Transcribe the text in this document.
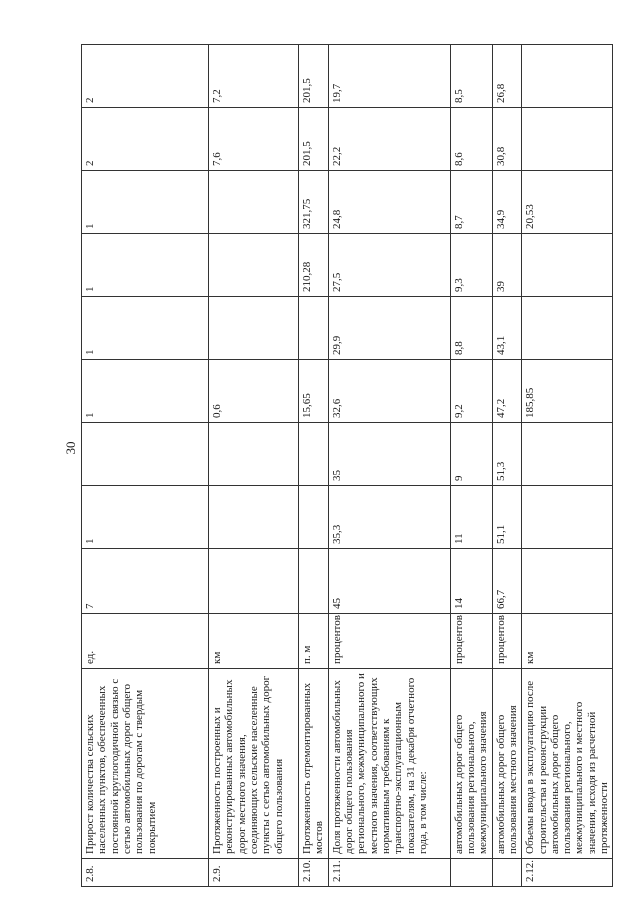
30
2.8.	Прирост количества сельских населенных пунктов, обеспеченных постоянной круглогодичной связью с сетью автомобильных дорог общего пользования по дорогам с твердым покрытием	ед.	7	1		1	1	1	1	2	2
2.9.	Протяженность построенных и реконструированных автомобильных дорог местного значения, соединяющих сельские населенные пункты с сетью автомобильных дорог общего пользования	км				0,6				7,6	7,2
2.10.	Протяженность отремонтированных мостов	п. м				15,65		210,28	321,75	201,5	201,5
2.11.	Доля протяженности автомобильных дорог общего пользования регионального, межмуниципального и местного значения, соответствующих нормативным требованиям к транспортно-эксплуатационным показателям, на 31 декабря отчетного года, в том числе:	процентов	45	35,3	35	32,6	29,9	27,5	24,8	22,2	19,7
	автомобильных дорог общего пользования регионального, межмуниципального значения	процентов	14	11	9	9,2	8,8	9,3	8,7	8,6	8,5
	автомобильных дорог общего пользования местного значения	процентов	66,7	51,1	51,3	47,2	43,1	39	34,9	30,8	26,8
2.12.	Объемы ввода в эксплуатацию после строительства и реконструкции автомобильных дорог общего пользования регионального, межмуниципального и местного значения, исходя из расчетной протяженности	км				185,85			20,53		
